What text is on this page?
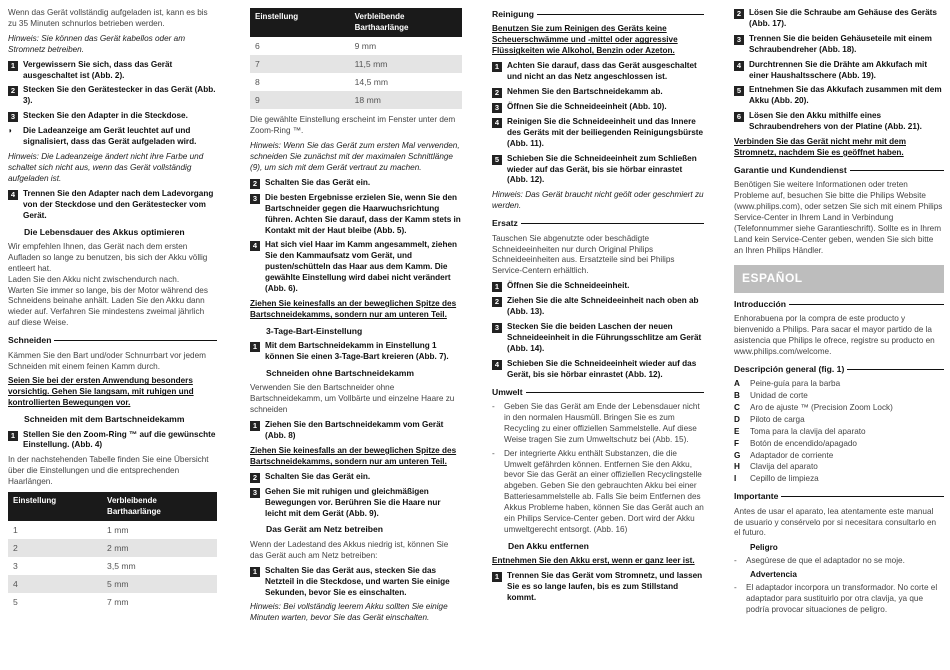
Wenn das Gerät vollständig aufgeladen ist, kann es bis zu 35 Minuten schnurlos betrieben werden.

Hinweis: Sie können das Gerät kabellos oder am Stromnetz betreiben.

1 Vergewissern Sie sich, dass das Gerät ausgeschaltet ist (Abb. 2).
2 Stecken Sie den Gerätestecker in das Gerät (Abb. 3).
3 Stecken Sie den Adapter in die Steckdose.
◗	Die Ladeanzeige am Gerät leuchtet auf und signalisiert, dass das Gerät aufgeladen wird.

Hinweis: Die Ladeanzeige ändert nicht ihre Farbe und schaltet sich nicht aus, wenn das Gerät vollständig aufgeladen ist.

4 Trennen Sie den Adapter nach dem Ladevorgang von der Steckdose und den Gerätestecker vom Gerät.
Die Lebensdauer des Akkus optimieren

Wir empfehlen Ihnen, das Gerät nach dem ersten Aufladen so lange zu benutzen, bis sich der Akku völlig entleert hat.
Laden Sie den Akku nicht zwischendurch nach.
Warten Sie immer so lange, bis der Motor während des Schneidens beinahe anhält. Laden Sie den Akku dann wieder auf. Verfahren Sie mindestens zweimal jährlich auf diese Weise.

Schneiden

Kämmen Sie den Bart und/oder Schnurrbart vor jedem Schneiden mit einem feinen Kamm durch.

Seien Sie bei der ersten Anwendung besonders vorsichtig. Gehen Sie langsam, mit ruhigen und kontrollierten Bewegungen vor.

Schneiden mit dem Bartschneidekamm
1 Stellen Sie den Zoom-Ring ™ auf die gewünschte Einstellung. (Abb. 4)

In der nachstehenden Tabelle finden Sie eine Übersicht über die Einstellungen und die entsprechenden Haarlängen.

Einstellung	Verbleibende Barthaarlänge
1	1 mm
2	2 mm
3	3,5 mm
4	5 mm
5	7 mm
Einstellung	Verbleibende Barthaarlänge
6	9 mm
7	11,5 mm
8	14,5 mm
9	18 mm

Die gewählte Einstellung erscheint im Fenster unter dem Zoom-Ring ™.

Hinweis: Wenn Sie das Gerät zum ersten Mal verwenden, schneiden Sie zunächst mit der maximalen Schnittlänge (9), um sich mit dem Gerät vertraut zu machen.

2 Schalten Sie das Gerät ein.
3 Die besten Ergebnisse erzielen Sie, wenn Sie den Bartschneider gegen die Haarwuchsrichtung führen. Achten Sie darauf, dass der Kamm stets in Kontakt mit der Haut bleibe (Abb. 5).
4 Hat sich viel Haar im Kamm angesammelt, ziehen Sie den Kammaufsatz vom Gerät, und pusten/schütteln das Haar aus dem Kamm. Die gewählte Einstellung wird dabei nicht verändert (Abb. 6).

Ziehen Sie keinesfalls an der beweglichen Spitze des Bartschneidekamms, sondern nur am unteren Teil.

3-Tage-Bart-Einstellung
1 Mit dem Bartschneidekamm in Einstellung 1 können Sie einen 3-Tage-Bart kreieren (Abb. 7).
Schneiden ohne Bartschneidekamm

Verwenden Sie den Bartschneider ohne Bartschneidekamm, um Vollbärte und einzelne Haare zu schneiden

1 Ziehen Sie den Bartschneidekamm vom Gerät (Abb. 8)

Ziehen Sie keinesfalls an der beweglichen Spitze des Bartschneidekamms, sondern nur am unteren Teil.

2 Schalten Sie das Gerät ein.
3 Gehen Sie mit ruhigen und gleichmäßigen Bewegungen vor. Berühren Sie die Haare nur leicht mit dem Gerät (Abb. 9).
Das Gerät am Netz betreiben

Wenn der Ladestand des Akkus niedrig ist, können Sie das Gerät auch am Netz betreiben:

1 Schalten Sie das Gerät aus, stecken Sie das Netzteil in die Steckdose, und warten Sie einige Sekunden, bevor Sie es einschalten.

Hinweis: Bei vollständig leerem Akku sollten Sie einige Minuten warten, bevor Sie das Gerät einschalten.

Reinigung

Benutzen Sie zum Reinigen des Geräts keine Scheuerschwämme und -mittel oder aggressive Flüssigkeiten wie Alkohol, Benzin oder Azeton.

1 Achten Sie darauf, dass das Gerät ausgeschaltet und nicht an das Netz angeschlossen ist.
2 Nehmen Sie den Bartschneidekamm ab.
3 Öffnen Sie die Schneideeinheit (Abb. 10).
4 Reinigen Sie die Schneideeinheit und das Innere des Geräts mit der beiliegenden Reinigungsbürste (Abb. 11).
5 Schieben Sie die Schneideeinheit zum Schließen wieder auf das Gerät, bis sie hörbar einrastet (Abb. 12).

Hinweis: Das Gerät braucht nicht geölt oder geschmiert zu werden.

Ersatz

Tauschen Sie abgenutzte oder beschädigte Schneideeinheiten nur durch Original Philips Schneideeinheiten aus. Ersatzteile sind bei Philips Service-Centern erhältlich.

1 Öffnen Sie die Schneideeinheit.
2 Ziehen Sie die alte Schneideeinheit nach oben ab (Abb. 13).
3 Stecken Sie die beiden Laschen der neuen Schneideeinheit in die Führungsschlitze am Gerät (Abb. 14).
4 Schieben Sie die Schneideeinheit wieder auf das Gerät, bis sie hörbar einrastet (Abb. 12).
Umwelt
-	Geben Sie das Gerät am Ende der Lebensdauer nicht in den normalen Hausmüll. Bringen Sie es zum Recycling zu einer offiziellen Sammelstelle. Auf diese Weise tragen Sie zum Umweltschutz bei (Abb. 15).
-	Der integrierte Akku enthält Substanzen, die die Umwelt gefährden können. Entfernen Sie den Akku, bevor Sie das Gerät an einer offiziellen Recyclingstelle abgeben. Geben Sie den gebrauchten Akku bei einer Batteriesammelstelle ab. Falls Sie beim Entfernen des Akkus Probleme haben, können Sie das Gerät auch an ein Philips Service-Center geben. Dort wird der Akku umweltgerecht entsorgt. (Abb. 16)
Den Akku entfernen

Entnehmen Sie den Akku erst, wenn er ganz leer ist.

1 Trennen Sie das Gerät vom Stromnetz, und lassen Sie es so lange laufen, bis es zum Stillstand kommt.
2 Lösen Sie die Schraube am Gehäuse des Geräts (Abb. 17).
3 Trennen Sie die beiden Gehäuseteile mit einem Schraubendreher (Abb. 18).
4 Durchtrennen Sie die Drähte am Akkufach mit einer Haushaltsschere (Abb. 19).
5 Entnehmen Sie das Akkufach zusammen mit dem Akku (Abb. 20).
6 Lösen Sie den Akku mithilfe eines Schraubendrehers von der Platine (Abb. 21).

Verbinden Sie das Gerät nicht mehr mit dem Stromnetz, nachdem Sie es geöffnet haben.

Garantie und Kundendienst

Benötigen Sie weitere Informationen oder treten Probleme auf, besuchen Sie bitte die Philips Website (www.philips.com), oder setzen Sie sich mit einem Philips Service-Center in Ihrem Land in Verbindung (Telefonnummer siehe Garantieschrift). Sollte es in Ihrem Land kein Service-Center geben, wenden Sie sich bitte an Ihren Philips Händler.

ESPAÑOL
Introducción

Enhorabuena por la compra de este producto y bienvenido a Philips. Para sacar el mayor partido de la asistencia que Philips le ofrece, registre su producto en www.philips.com/welcome.

Descripción general (fig. 1)
A	Peine-guía para la barba
B	Unidad de corte
C	Aro de ajuste ™ (Precision Zoom Lock)
D	Piloto de carga
E	Toma para la clavija del aparato
F	Botón de encendido/apagado
G	Adaptador de corriente
H	Clavija del aparato
I	Cepillo de limpieza
Importante

Antes de usar el aparato, lea atentamente este manual de usuario y consérvelo por si necesitara consultarlo en el futuro.

Peligro
-	Asegúrese de que el adaptador no se moje.
Advertencia
-	El adaptador incorpora un transformador. No corte el adaptador para sustituirlo por otra clavija, ya que podría provocar situaciones de peligro.
